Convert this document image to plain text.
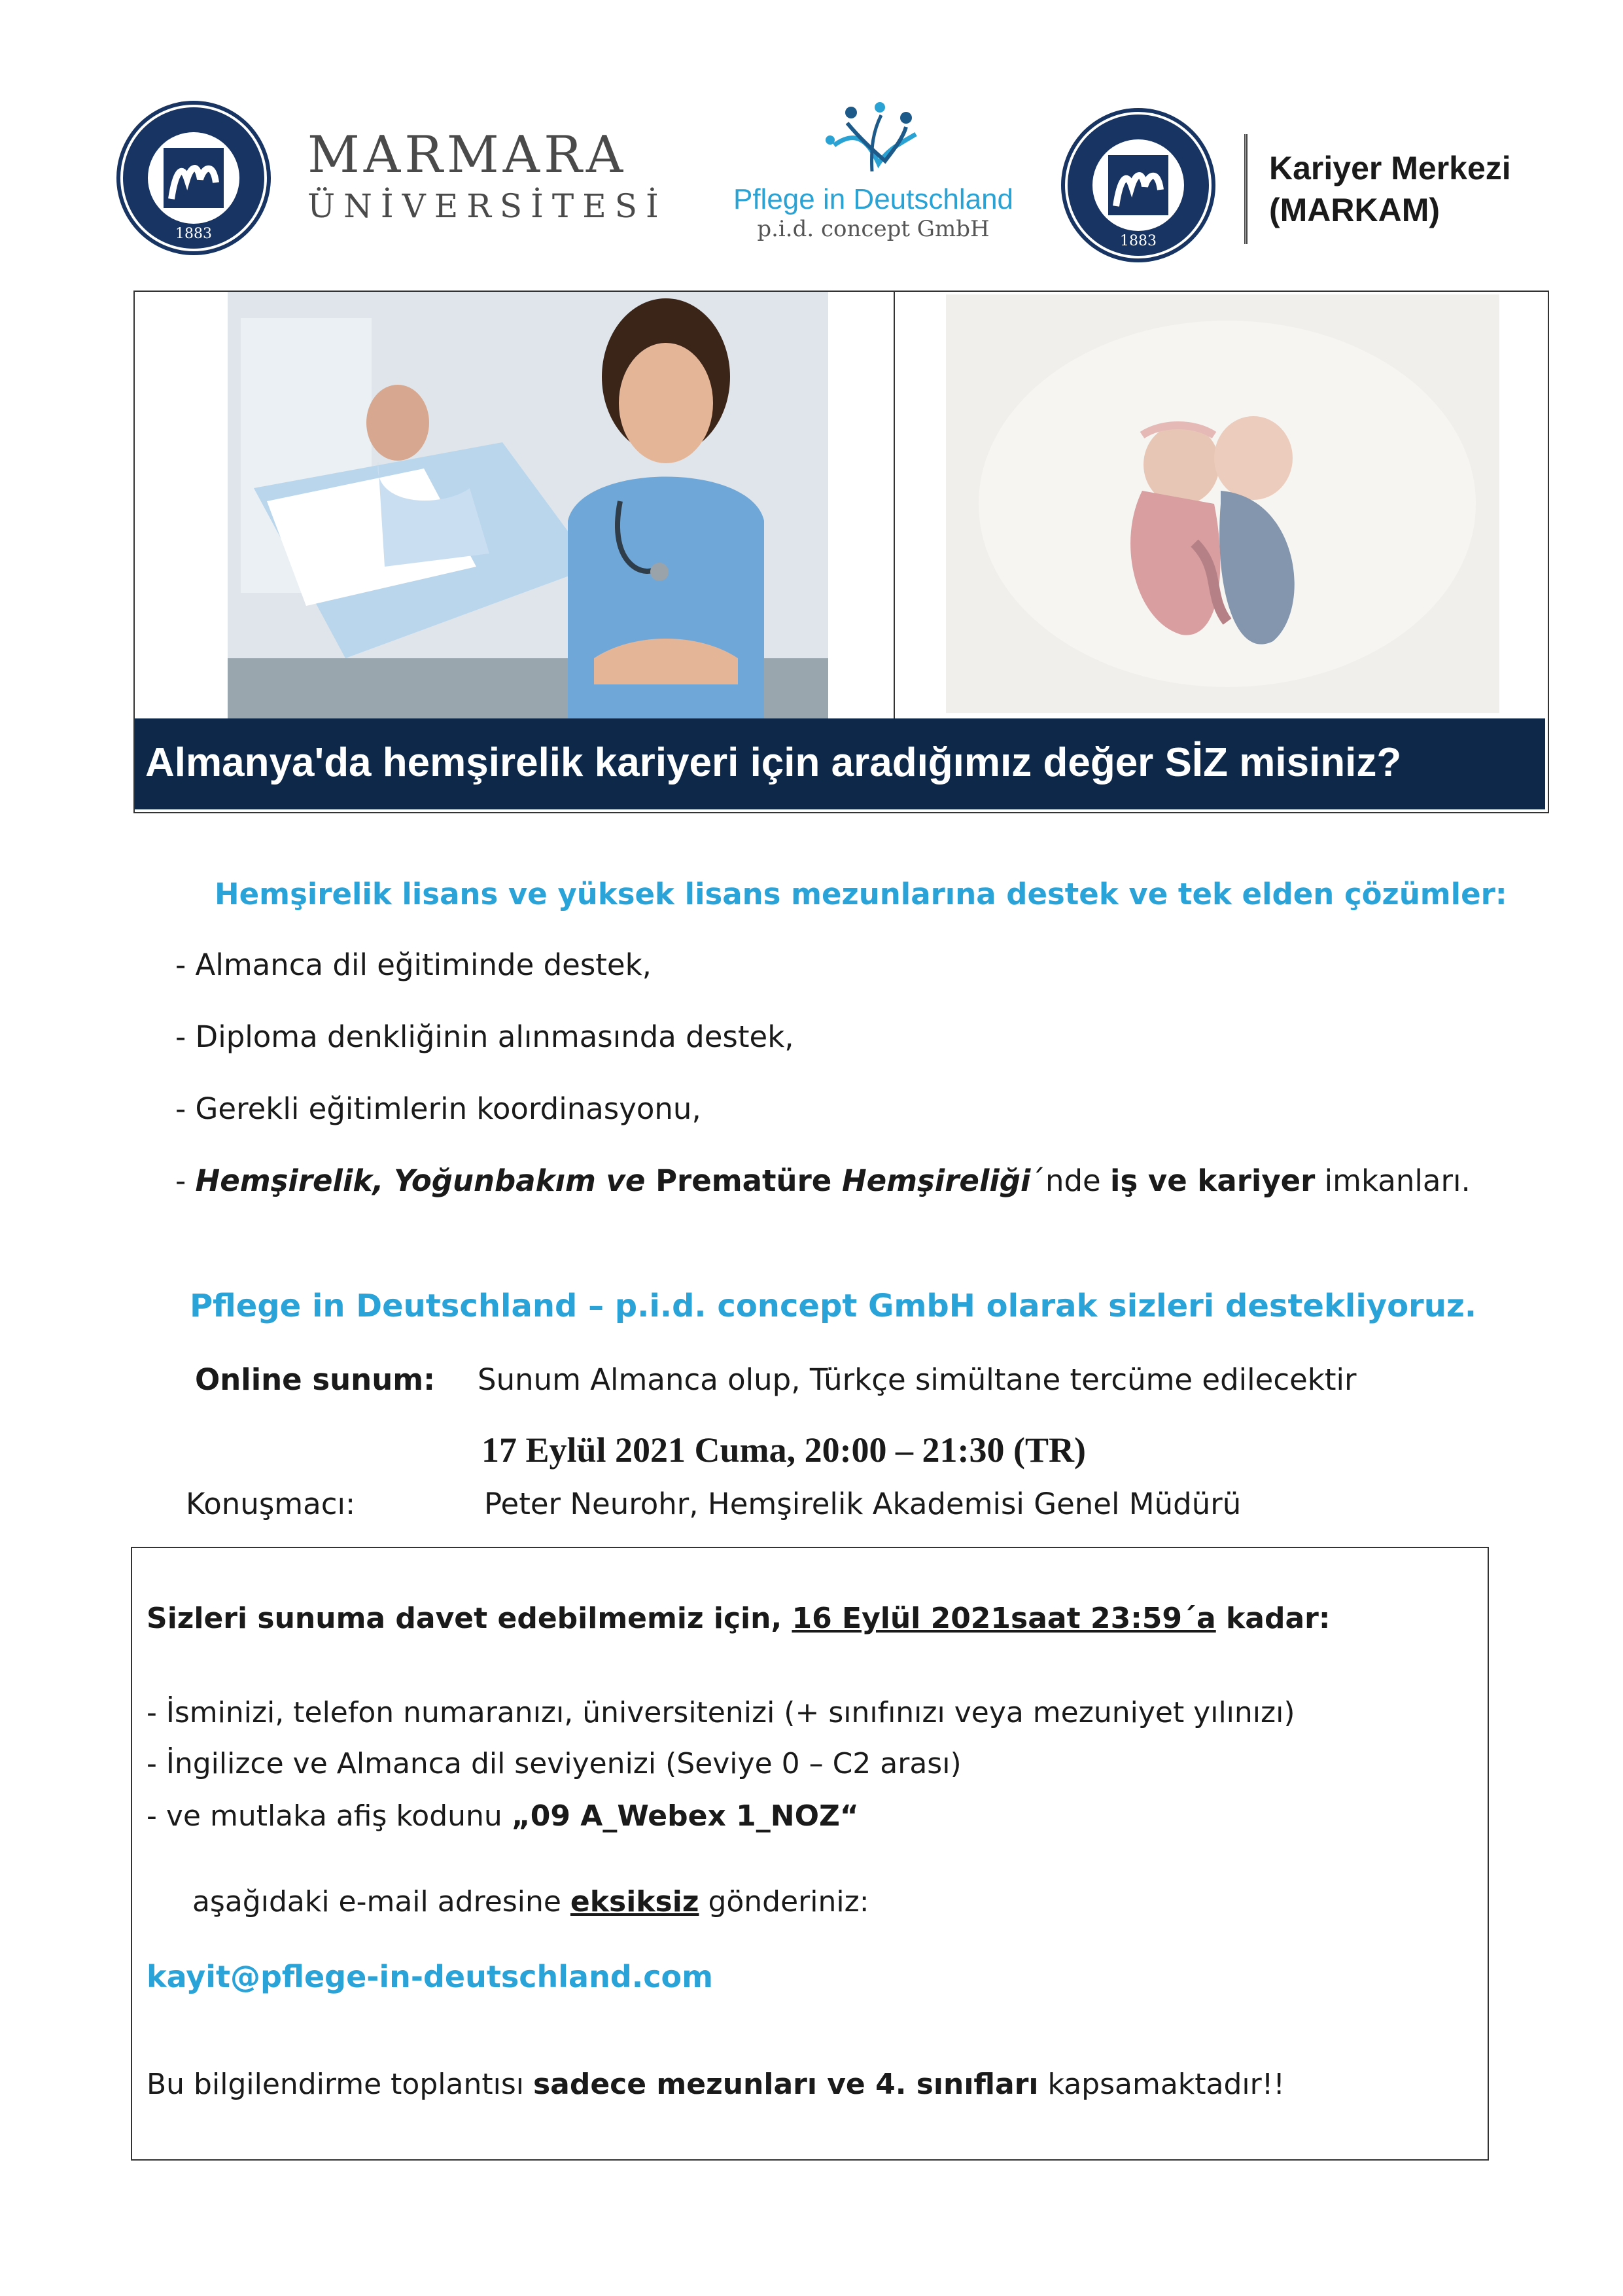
1883
MARMARA
ÜNİVERSİTESİ	Pflege in Deutschland
p.i.d. concept GmbH	1883
Kariyer Merkezi
(MARKAM)
Almanya'da hemşirelik kariyeri için aradığımız değer SİZ misiniz?
Hemşirelik lisans ve yüksek lisans mezunlarına destek ve tek elden çözümler:
- Almanca dil eğitiminde destek,
- Diploma denkliğinin alınmasında destek,
- Gerekli eğitimlerin koordinasyonu,
- Hemşirelik, Yoğunbakım ve Prematüre Hemşireliği´nde iş ve kariyer imkanları.
Pflege in Deutschland – p.i.d. concept GmbH olarak sizleri destekliyoruz.
Online sunum: Sunum Almanca olup, Türkçe simültane tercüme edilecektir
17 Eylül 2021 Cuma, 20:00 – 21:30 (TR)
Konuşmacı:	Peter Neurohr, Hemşirelik Akademisi Genel Müdürü
Sizleri sunuma davet edebilmemiz için, 16 Eylül 2021saat 23:59´a kadar:
- İsminizi, telefon numaranızı, üniversitenizi (+ sınıfınızı veya mezuniyet yılınızı)
- İngilizce ve Almanca dil seviyenizi (Seviye 0 – C2 arası)
- ve mutlaka afiş kodunu „09 A_Webex 1_NOZ“

aşağıdaki e-mail adresine eksiksiz gönderiniz:

kayit@pflege-in-deutschland.com
Bu bilgilendirme toplantısı sadece mezunları ve 4. sınıfları kapsamaktadır!!
